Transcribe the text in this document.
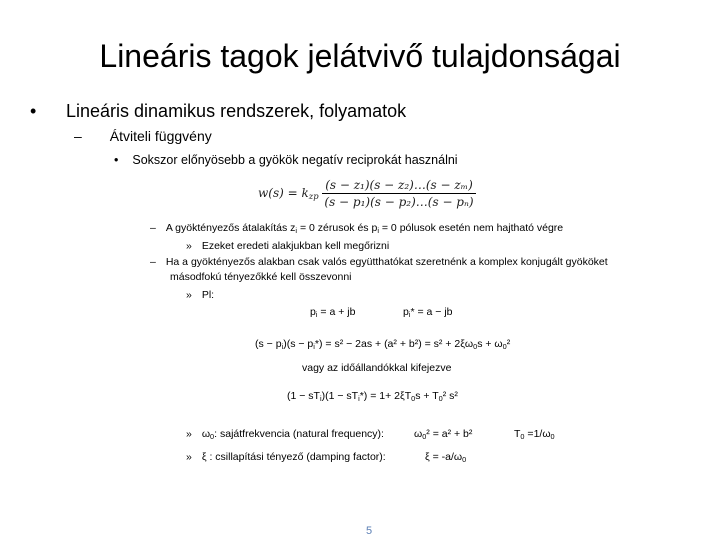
Lineáris tagok jelátvivő tulajdonságai
• Lineáris dinamikus rendszerek, folyamatok
– Átviteli függvény
• Sokszor előnyösebb a gyökök negatív reciprokát használni
$w(s) = k_{zp} \frac{\text{(s − z₁)(s − z₂)…(s − zₘ)}}{\text{(s − p₁)(s − p₂)…(s − pₙ)}}$
– A gyöktényezős átalakítás $z_i = 0$ zérusok és $p_i = 0$ pólusok esetén nem hajtható végre
» Ezeket eredeti alakjukban kell megőrizni
– Ha a gyöktényezős alakban csak valós együtthatókat szeretnénk a komplex konjugált gyököket
másodfokú tényezőkké kell összevonni
» Pl:
$p_i = a$ + jb	$p_i* = a$ − jb
$(s - p_i)(s - p_i*) = s^2 - 2as + (a^2 + b^2) = s^2 + 2\xi\omega_0s + \omega_0^2$
vagy az időállandókkal kifejezve
$(1 - sT_i)(1 - sT_i*) = 1+ 2\xi T_0s + T_0^2$ s²
» $\omega_0$: sajátfrekvencia (natural frequency):	$\omega_0^2 = a^2 + b^2$	$T_0 =1/\omega_0$
» ξ : csillapítási tényező (damping factor):	$\xi = -a/\omega_0$
5
